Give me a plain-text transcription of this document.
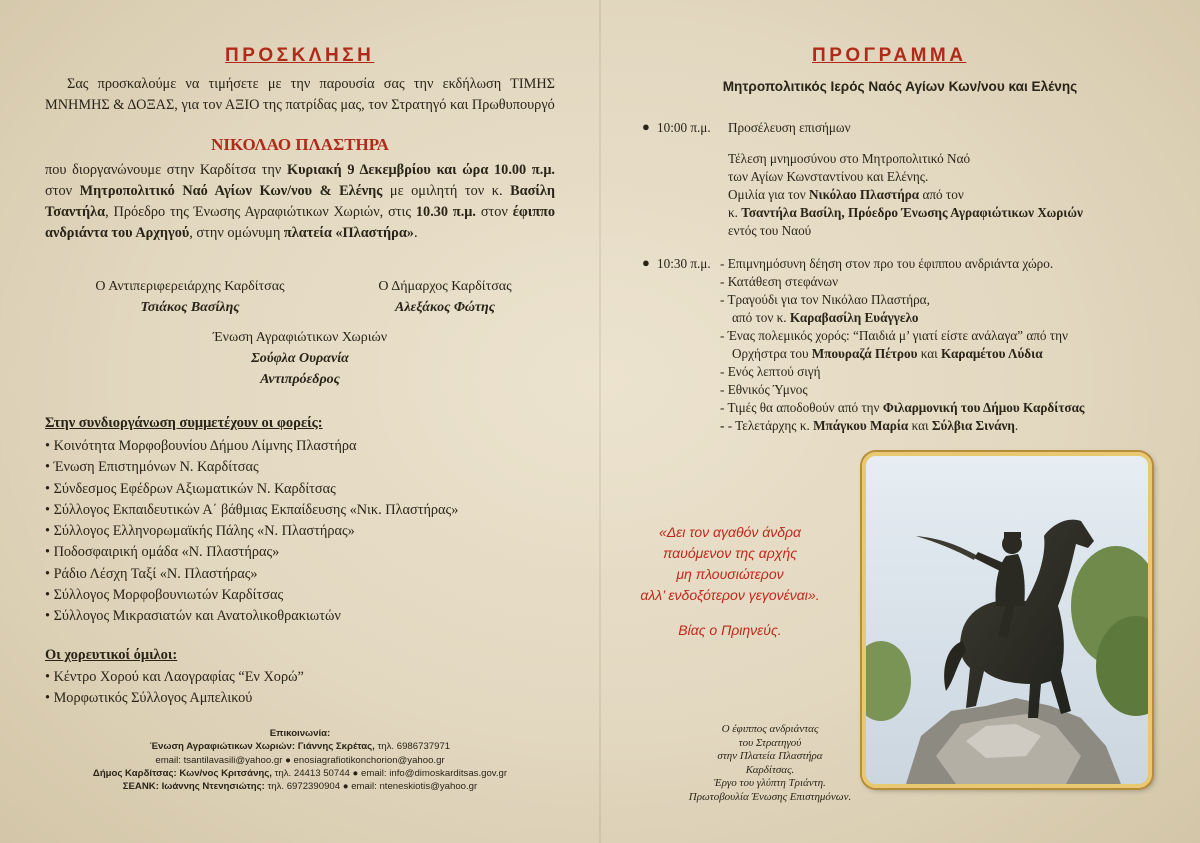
ΠΡΟΣΚΛΗΣΗ
Σας προσκαλούμε να τιμήσετε με την παρουσία σας την εκδήλωση ΤΙΜΗΣ ΜΝΗΜΗΣ & ΔΟΞΑΣ, για τον ΑΞΙΟ της πατρίδας μας, τον Στρατηγό και Πρωθυπουργό
ΝΙΚΟΛΑΟ ΠΛΑΣΤΗΡΑ
που διοργανώνουμε στην Καρδίτσα την Κυριακή 9 Δεκεμβρίου και ώρα 10.00 π.μ. στον Μητροπολιτικό Ναό Αγίων Κων/νου & Ελένης με ομιλητή τον κ. Βασίλη Τσαντήλα, Πρόεδρο της Ένωσης Αγραφιώτικων Χωριών, στις 10.30 π.μ. στον έφιππο ανδριάντα του Αρχηγού, στην ομώνυμη πλατεία «Πλαστήρα».
Ο Αντιπεριφερειάρχης Καρδίτσας
Τσιάκος Βασίλης
Ο Δήμαρχος Καρδίτσας
Αλεξάκος Φώτης
Ένωση Αγραφιώτικων Χωριών
Σούφλα Ουρανία
Αντιπρόεδρος
Στην συνδιοργάνωση συμμετέχουν οι φορείς:
• Κοινότητα Μορφοβουνίου Δήμου Λίμνης Πλαστήρα
• Ένωση Επιστημόνων Ν. Καρδίτσας
• Σύνδεσμος Εφέδρων Αξιωματικών Ν. Καρδίτσας
• Σύλλογος Εκπαιδευτικών Α΄ βάθμιας Εκπαίδευσης «Νικ. Πλαστήρας»
• Σύλλογος Ελληνορωμαϊκής Πάλης «Ν. Πλαστήρας»
• Ποδοσφαιρική ομάδα «Ν. Πλαστήρας»
• Ράδιο Λέσχη Ταξί «Ν. Πλαστήρας»
• Σύλλογος Μορφοβουνιωτών Καρδίτσας
• Σύλλογος Μικρασιατών και Ανατολικοθρακιωτών
Οι χορευτικοί όμιλοι:
• Κέντρο Χορού και Λαογραφίας “Εν Χορώ”
• Μορφωτικός Σύλλογος Αμπελικού
Επικοινωνία:
Ένωση Αγραφιώτικων Χωριών: Γιάννης Σκρέτας, τηλ. 6986737971
email: tsantilavasili@yahoo.gr ● enosiagrafiotikonchorion@yahoo.gr
Δήμος Καρδίτσας: Κων/νος Κριτσάνης, τηλ. 24413 50744 ● email: info@dimoskarditsas.gov.gr
ΣΕΑΝΚ: Ιωάννης Ντενησιώτης: τηλ. 6972390904 ● email: nteneskiotis@yahoo.gr
ΠΡΟΓΡΑΜΜΑ
Μητροπολιτικός Ιερός Ναός Αγίων Κων/νου και Ελένης
● 10:00 π.μ. Προσέλευση επισήμων
Τέλεση μνημοσύνου στο Μητροπολιτικό Ναό
των Αγίων Κωνσταντίνου και Ελένης.
Ομιλία για τον Νικόλαο Πλαστήρα από τον
κ. Τσαντήλα Βασίλη, Πρόεδρο Ένωσης Αγραφιώτικων Χωριών
εντός του Ναού
● 10:30 π.μ. - Επιμνημόσυνη δέηση στον προ του έφιππου ανδριάντα χώρο.
- Κατάθεση στεφάνων
- Τραγούδι για τον Νικόλαο Πλαστήρα,
από τον κ. Καραβασίλη Ευάγγελο
- Ένας πολεμικός χορός: “Παιδιά μ’ γιατί είστε ανάλαγα” από την
Ορχήστρα του Μπουραζά Πέτρου και Καραμέτου Λύδια
- Ενός λεπτού σιγή
- Εθνικός Ύμνος
- Τιμές θα αποδοθούν από την Φιλαρμονική του Δήμου Καρδίτσας
- - Τελετάρχης κ. Μπάγκου Μαρία και Σύλβια Σινάνη.
«Δει τον αγαθόν άνδρα
παυόμενον της αρχής
μη πλουσιώτερον
αλλ’ ενδοξότερον γεγονέναι».
Βίας ο Πριηνεύς.
Ο έφιππος ανδριάντας
του Στρατηγού
στην Πλατεία Πλαστήρα
Καρδίτσας.
Έργο του γλύπτη Τριάντη.
Πρωτοβουλία Ένωσης Επιστημόνων.
